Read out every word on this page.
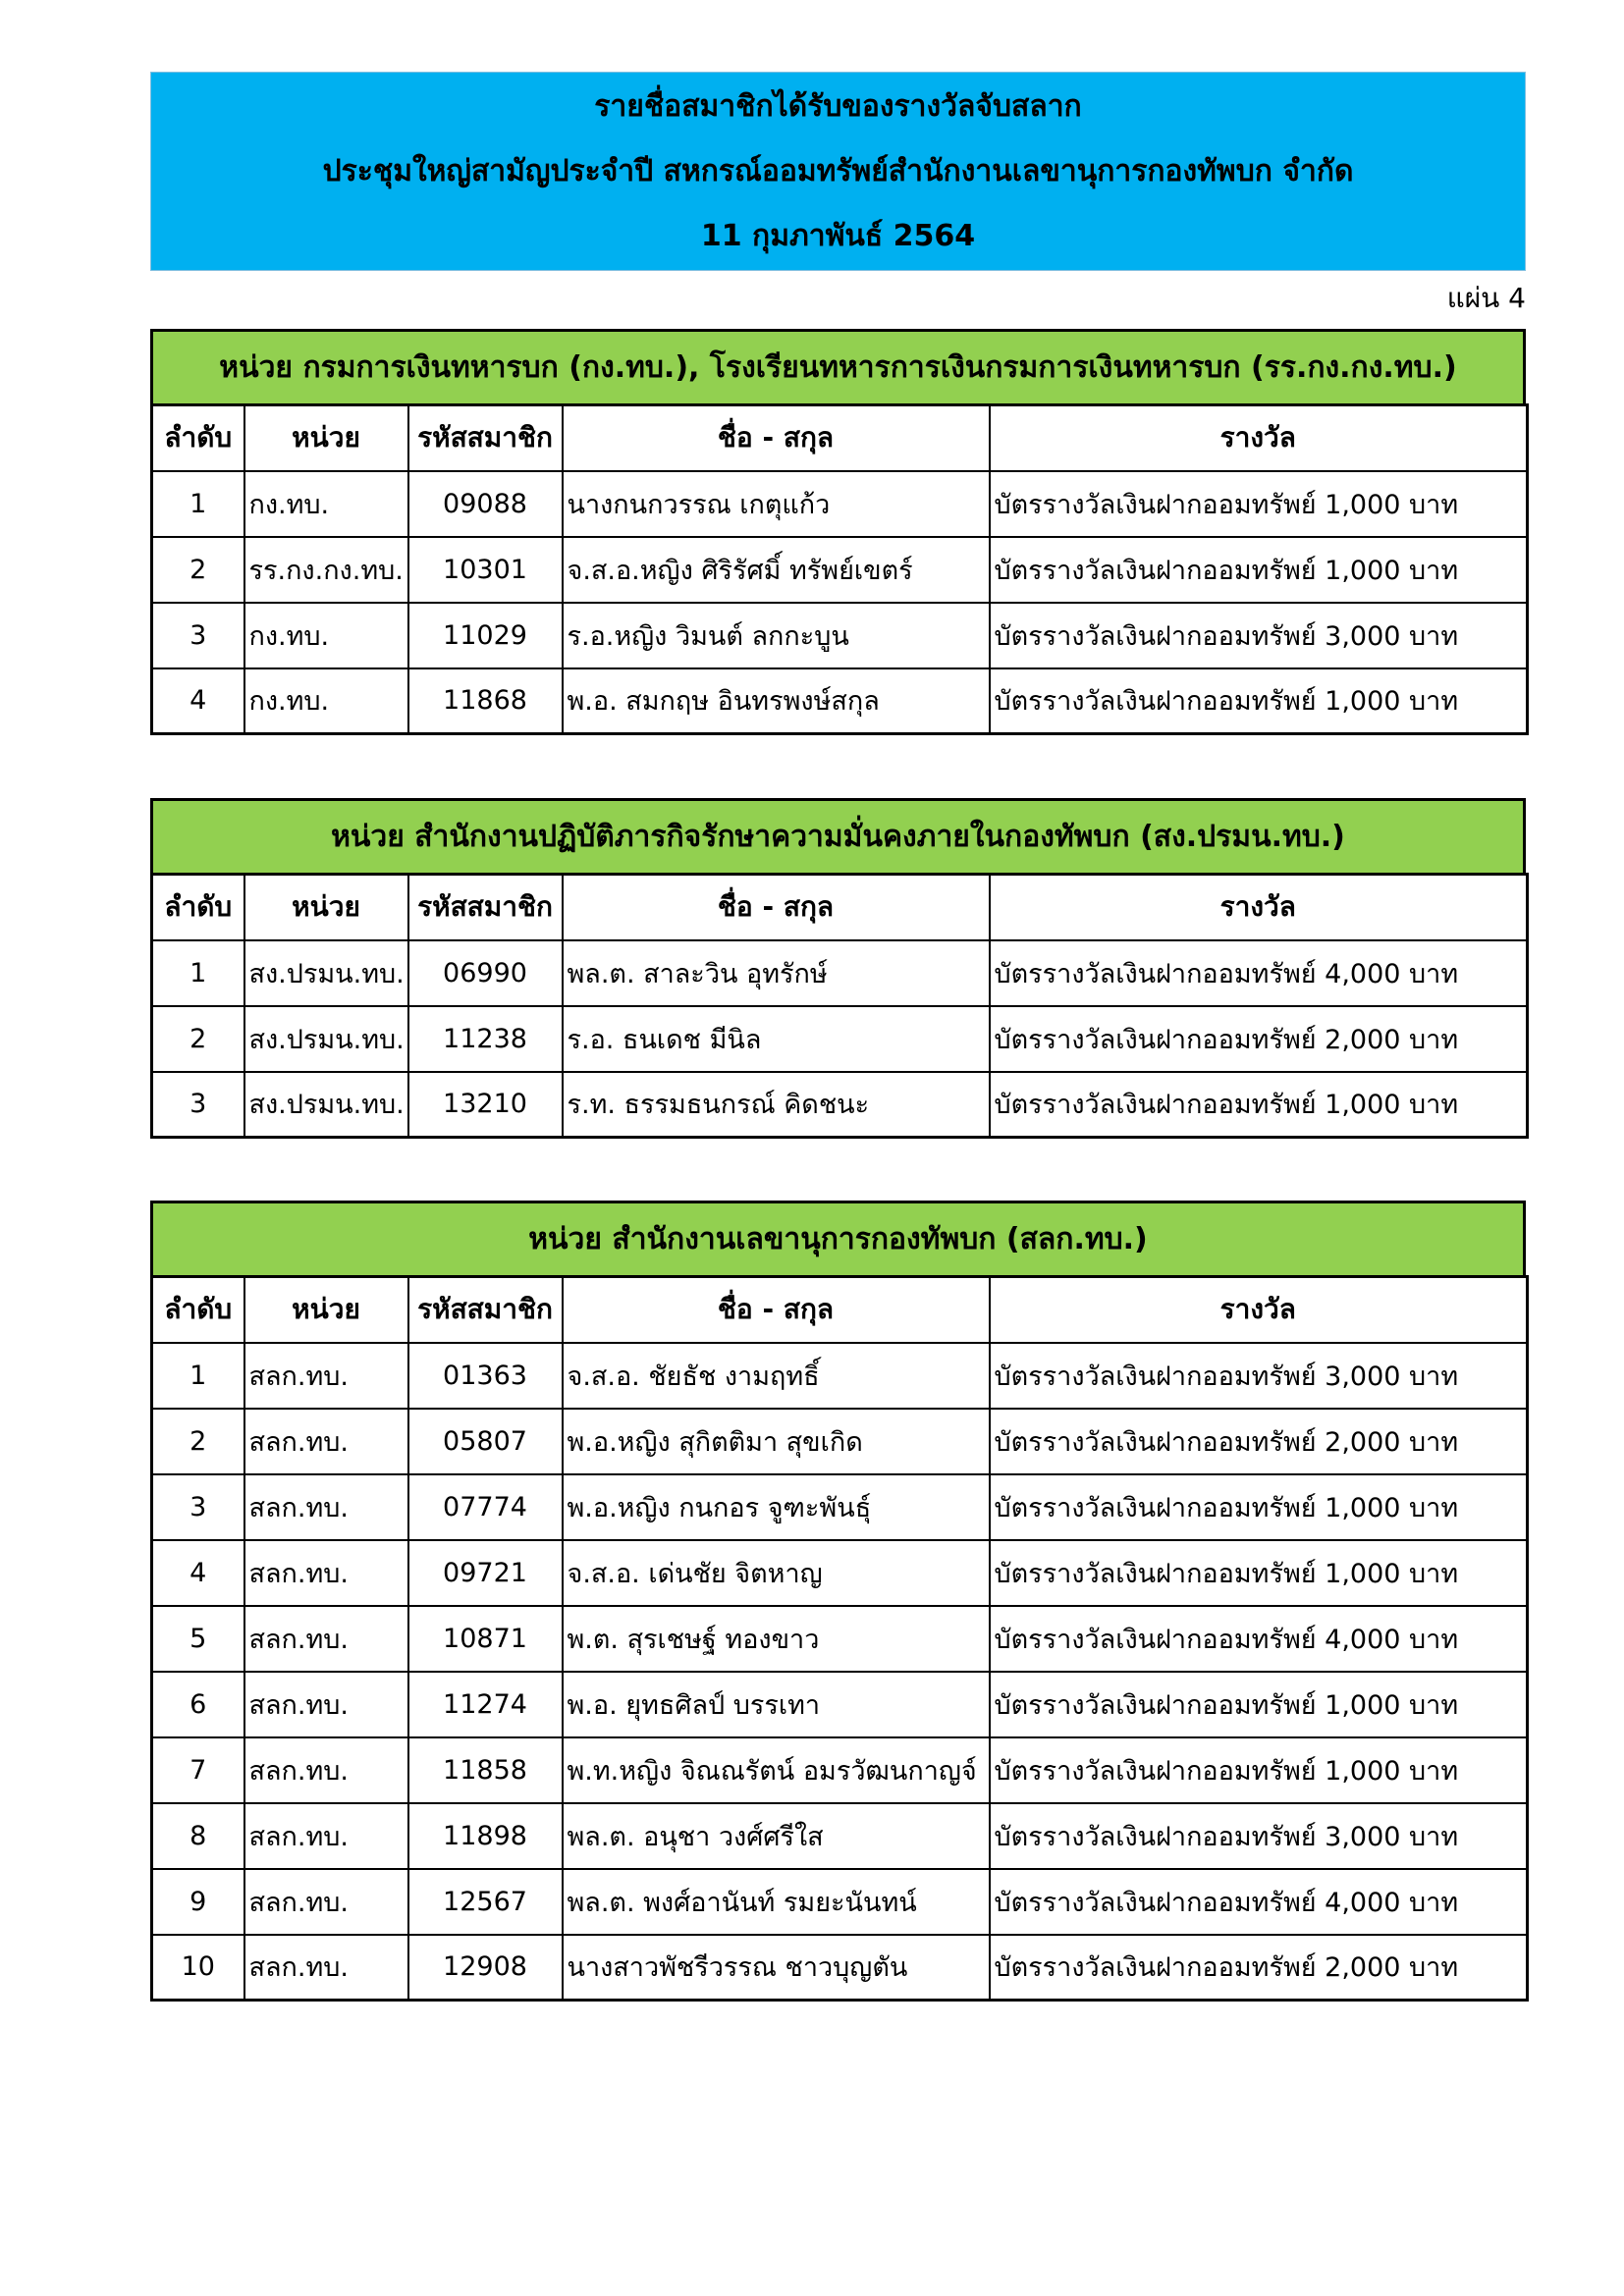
รายชื่อสมาชิกได้รับของรางวัลจับสลาก
ประชุมใหญ่สามัญประจำปี สหกรณ์ออมทรัพย์สำนักงานเลขานุการกองทัพบก จำกัด
11 กุมภาพันธ์ 2564
แผ่น 4
หน่วย กรมการเงินทหารบก (กง.ทบ.), โรงเรียนทหารการเงินกรมการเงินทหารบก (รร.กง.กง.ทบ.)
ลำดับ	หน่วย	รหัสสมาชิก	ชื่อ - สกุล	รางวัล
1	กง.ทบ.	09088	นางกนกวรรณ เกตุแก้ว	บัตรรางวัลเงินฝากออมทรัพย์ 1,000 บาท
2	รร.กง.กง.ทบ.	10301	จ.ส.อ.หญิง ศิริรัศมิ์ ทรัพย์เขตร์	บัตรรางวัลเงินฝากออมทรัพย์ 1,000 บาท
3	กง.ทบ.	11029	ร.อ.หญิง วิมนต์ ลกกะบูน	บัตรรางวัลเงินฝากออมทรัพย์ 3,000 บาท
4	กง.ทบ.	11868	พ.อ. สมกฤษ อินทรพงษ์สกุล	บัตรรางวัลเงินฝากออมทรัพย์ 1,000 บาท
หน่วย สำนักงานปฏิบัติภารกิจรักษาความมั่นคงภายในกองทัพบก (สง.ปรมน.ทบ.)
ลำดับ	หน่วย	รหัสสมาชิก	ชื่อ - สกุล	รางวัล
1	สง.ปรมน.ทบ.	06990	พล.ต. สาละวิน อุทรักษ์	บัตรรางวัลเงินฝากออมทรัพย์ 4,000 บาท
2	สง.ปรมน.ทบ.	11238	ร.อ. ธนเดช มีนิล	บัตรรางวัลเงินฝากออมทรัพย์ 2,000 บาท
3	สง.ปรมน.ทบ.	13210	ร.ท. ธรรมธนกรณ์ คิดชนะ	บัตรรางวัลเงินฝากออมทรัพย์ 1,000 บาท
หน่วย สำนักงานเลขานุการกองทัพบก (สลก.ทบ.)
ลำดับ	หน่วย	รหัสสมาชิก	ชื่อ - สกุล	รางวัล
1	สลก.ทบ.	01363	จ.ส.อ. ชัยธัช งามฤทธิ์	บัตรรางวัลเงินฝากออมทรัพย์ 3,000 บาท
2	สลก.ทบ.	05807	พ.อ.หญิง สุกิตติมา สุขเกิด	บัตรรางวัลเงินฝากออมทรัพย์ 2,000 บาท
3	สลก.ทบ.	07774	พ.อ.หญิง กนกอร จูฑะพันธุ์	บัตรรางวัลเงินฝากออมทรัพย์ 1,000 บาท
4	สลก.ทบ.	09721	จ.ส.อ. เด่นชัย จิตหาญ	บัตรรางวัลเงินฝากออมทรัพย์ 1,000 บาท
5	สลก.ทบ.	10871	พ.ต. สุรเชษฐ์ ทองขาว	บัตรรางวัลเงินฝากออมทรัพย์ 4,000 บาท
6	สลก.ทบ.	11274	พ.อ. ยุทธศิลป์ บรรเทา	บัตรรางวัลเงินฝากออมทรัพย์ 1,000 บาท
7	สลก.ทบ.	11858	พ.ท.หญิง จิณณรัตน์ อมรวัฒนกาญจ์	บัตรรางวัลเงินฝากออมทรัพย์ 1,000 บาท
8	สลก.ทบ.	11898	พล.ต. อนุชา วงศ์ศรีใส	บัตรรางวัลเงินฝากออมทรัพย์ 3,000 บาท
9	สลก.ทบ.	12567	พล.ต. พงศ์อานันท์ รมยะนันทน์	บัตรรางวัลเงินฝากออมทรัพย์ 4,000 บาท
10	สลก.ทบ.	12908	นางสาวพัชรีวรรณ ชาวบุญตัน	บัตรรางวัลเงินฝากออมทรัพย์ 2,000 บาท
